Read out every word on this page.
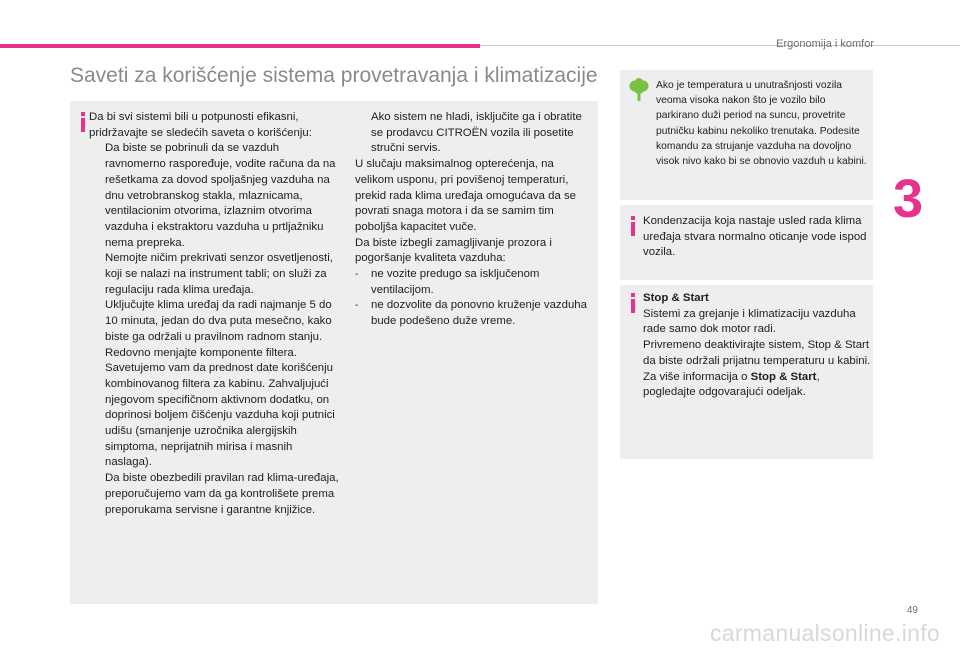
Ergonomija i komfor
3
Saveti za korišćenje sistema provetravanja i klimatizacije

Da bi svi sistemi bili u potpunosti efikasni, pridržavajte se sledećih saveta o korišćenju:

Da biste se pobrinuli da se vazduh ravnomerno raspoređuje, vodite računa da na rešetkama za dovod spoljašnjeg vazduha na dnu vetrobranskog stakla, mlaznicama, ventilacionim otvorima, izlaznim otvorima vazduha i ekstraktoru vazduha u prtljažniku nema prepreka.
Nemojte ničim prekrivati senzor osvetljenosti, koji se nalazi na instrument tabli; on služi za regulaciju rada klima uređaja.
Uključujte klima uređaj da radi najmanje 5 do 10 minuta, jedan do dva puta mesečno, kako biste ga održali u pravilnom radnom stanju.
Redovno menjajte komponente filtera. Savetujemo vam da prednost date korišćenju kombinovanog filtera za kabinu. Zahvaljujući njegovom specifičnom aktivnom dodatku, on doprinosi boljem čišćenju vazduha koji putnici udišu (smanjenje uzročnika alergijskih simptoma, neprijatnih mirisa i masnih naslaga).
Da biste obezbedili pravilan rad klima-uređaja, preporučujemo vam da ga kontrolišete prema preporukama servisne i garantne knjižice.
Ako sistem ne hladi, isključite ga i obratite se prodavcu CITROËN vozila ili posetite stručni servis.

U slučaju maksimalnog opterećenja, na velikom usponu, pri povišenoj temperaturi, prekid rada klima uređaja omogućava da se povrati snaga motora i da se samim tim poboljša kapacitet vuče.

Da biste izbegli zamagljivanje prozora i pogoršanje kvaliteta vazduha:

-	ne vozite predugo sa isključenom ventilacijom.
-	ne dozvolite da ponovno kruženje vazduha bude podešeno duže vreme.
Ako je temperatura u unutrašnjosti vozila veoma visoka nakon što je vozilo bilo parkirano duži period na suncu, provetrite putničku kabinu nekoliko trenutaka. Podesite komandu za strujanje vazduha na dovoljno visok nivo kako bi se obnovio vazduh u kabini.
Kondenzacija koja nastaje usled rada klima uređaja stvara normalno oticanje vode ispod vozila.

Stop & Start

Sistemi za grejanje i klimatizaciju vazduha rade samo dok motor radi.

Privremeno deaktivirajte sistem, Stop & Start da biste održali prijatnu temperaturu u kabini.

Za više informacija o Stop & Start,

pogledajte odgovarajući odeljak.

49
carmanualsonline.info
